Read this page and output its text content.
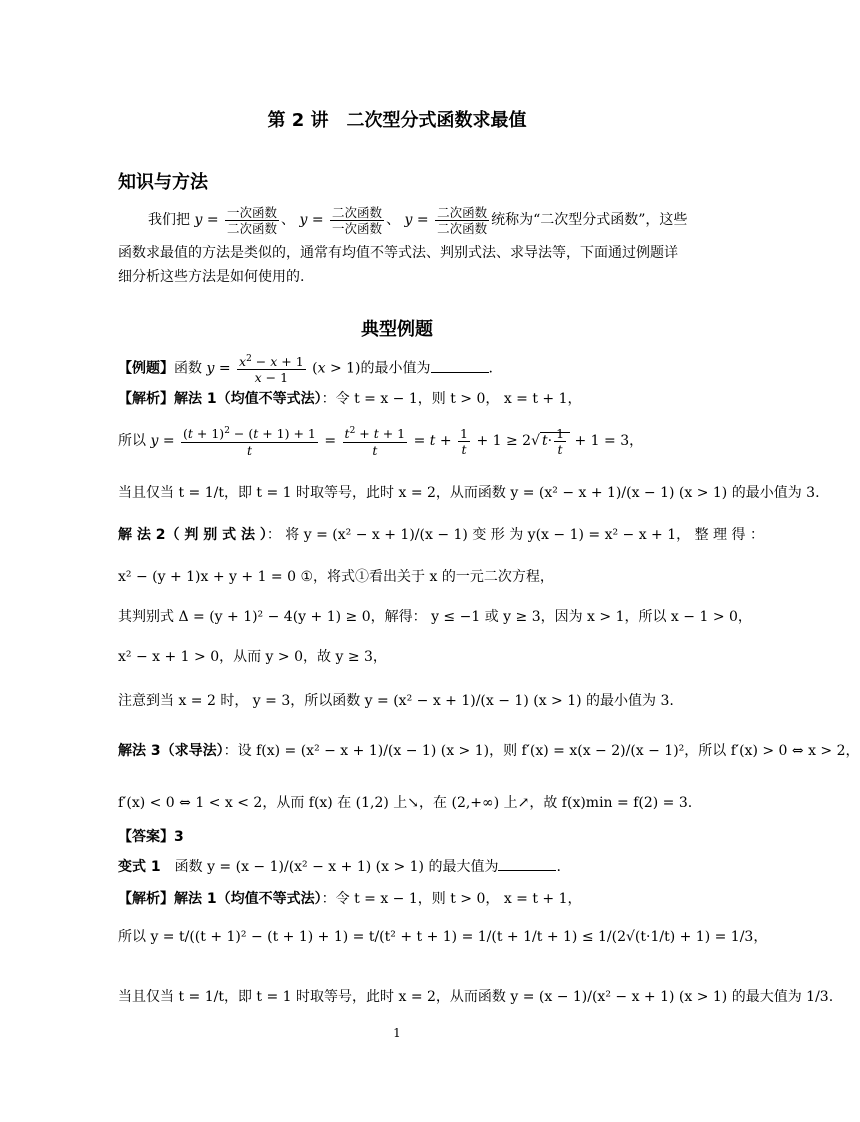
第 2 讲　二次型分式函数求最值
知识与方法
我们把 $y = \frac{\text{一次函数}}{\text{二次函数}}$ 、 $y = \frac{\text{二次函数}}{\text{一次函数}}$ 、 $y = \frac{\text{二次函数}}{\text{二次函数}}$ 统称为“二次型分式函数”，这些
函数求最值的方法是类似的，通常有均值不等式法、判别式法、求导法等，下面通过例题详
细分析这些方法是如何使用的.
典型例题
【例题】函数 $y = \frac{x^2 - x + 1}{x - 1} (x > 1)$的最小值为	.
【解析】解法 1（均值不等式法）：令 t = x − 1，则 t > 0， x = t + 1，
所以 $y = \frac{(t + 1)^2 - (t + 1) + 1}{t} = \frac{t^2 + t + 1}{t} = t + \frac{1}{t} + 1 \ge 2√$ $t\cdot \frac{1}{t} + 1 = 3$，
当且仅当 t = 1/t，即 t = 1 时取等号，此时 x = 2，从而函数 y = (x² − x + 1)/(x − 1) (x > 1) 的最小值为 3.
解 法 2（ 判 别 式 法 ）： 将 y = (x² − x + 1)/(x − 1) 变 形 为 y(x − 1) = x² − x + 1， 整 理 得 ：
x² − (y + 1)x + y + 1 = 0 ①，将式①看出关于 x 的一元二次方程，
其判别式 Δ = (y + 1)² − 4(y + 1) ≥ 0，解得： y ≤ −1 或 y ≥ 3，因为 x > 1，所以 x − 1 > 0，
x² − x + 1 > 0，从而 y > 0，故 y ≥ 3，
注意到当 x = 2 时， y = 3，所以函数 y = (x² − x + 1)/(x − 1) (x > 1) 的最小值为 3.
解法 3（求导法）：设 f(x) = (x² − x + 1)/(x − 1) (x > 1)，则 f′(x) = x(x − 2)/(x − 1)²，所以 f′(x) > 0 ⇔ x > 2，
f′(x) < 0 ⇔ 1 < x < 2，从而 f(x) 在 (1,2) 上↘，在 (2,+∞) 上↗，故 f(x)min = f(2) = 3.
【答案】3
变式 1　 函数 y = (x − 1)/(x² − x + 1) (x > 1) 的最大值为	.
【解析】解法 1（均值不等式法）：令 t = x − 1，则 t > 0， x = t + 1，
所以 y = t/((t + 1)² − (t + 1) + 1) = t/(t² + t + 1) = 1/(t + 1/t + 1) ≤ 1/(2√(t·1/t) + 1) = 1/3，
当且仅当 t = 1/t，即 t = 1 时取等号，此时 x = 2，从而函数 y = (x − 1)/(x² − x + 1) (x > 1) 的最大值为 1/3.
1
